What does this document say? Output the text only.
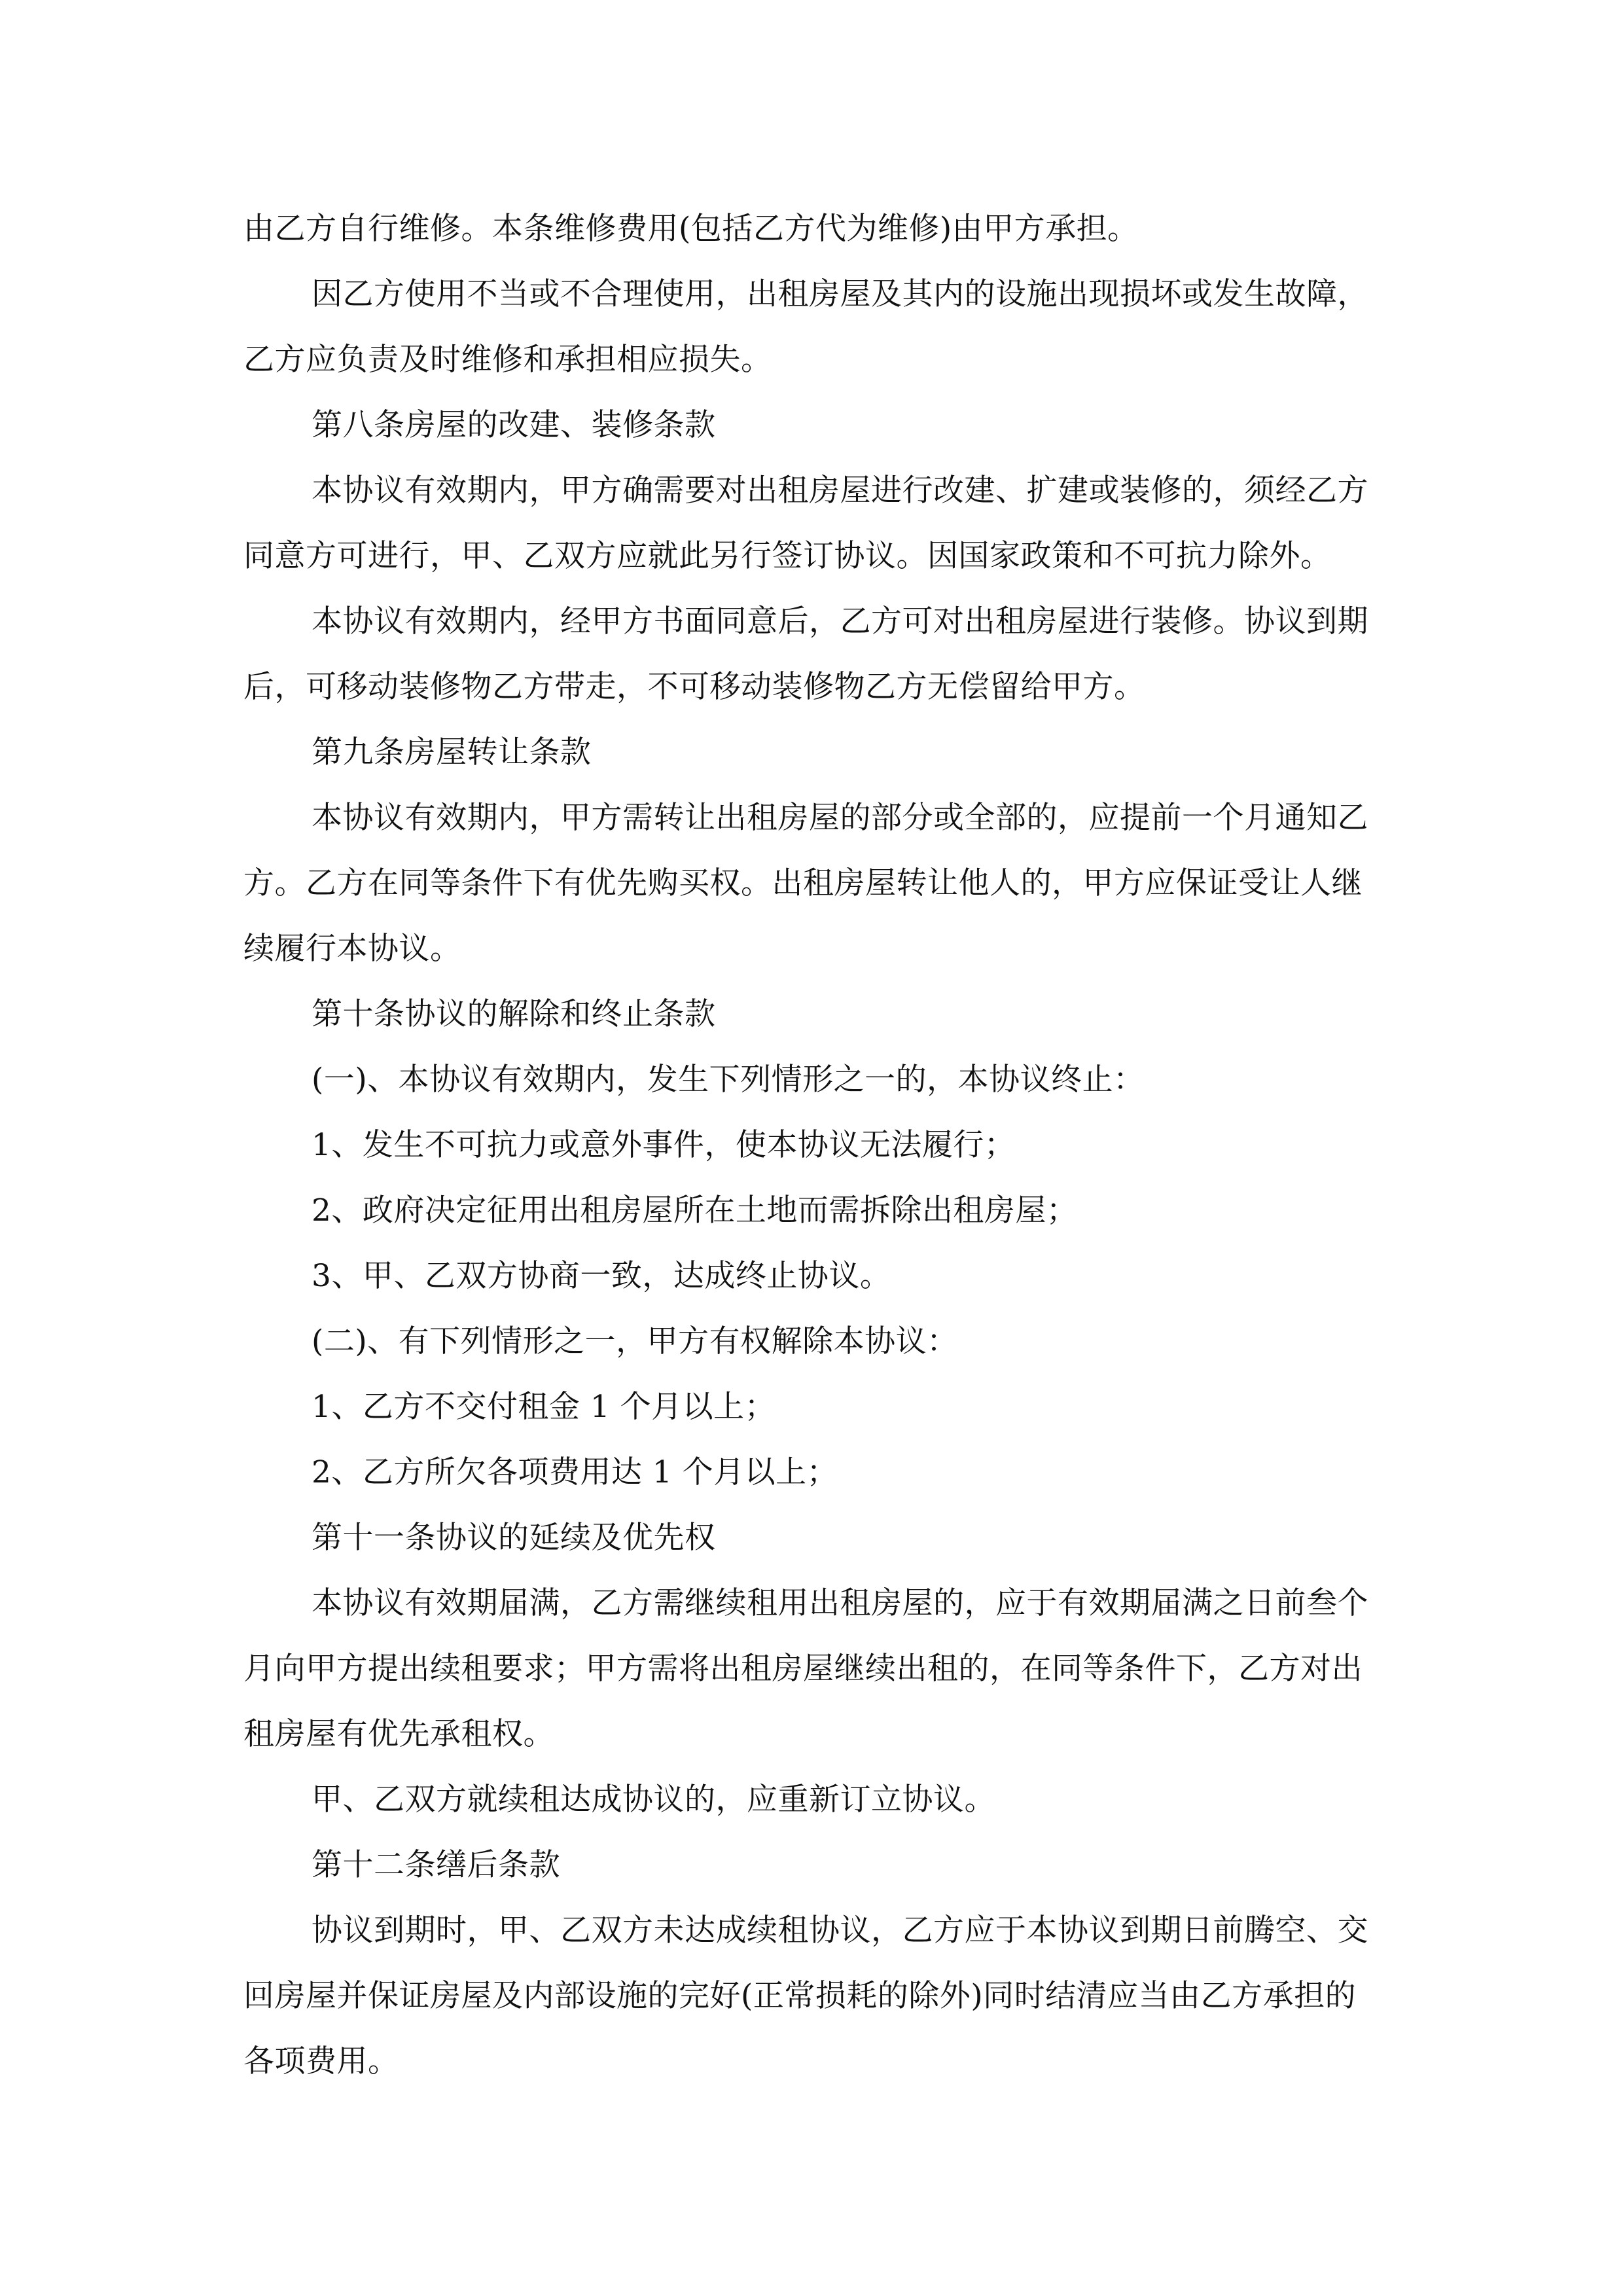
由乙方自行维修。本条维修费用(包括乙方代为维修)由甲方承担。

因乙方使用不当或不合理使用，出租房屋及其内的设施出现损坏或发生故障，乙方应负责及时维修和承担相应损失。

第八条房屋的改建、装修条款

本协议有效期内，甲方确需要对出租房屋进行改建、扩建或装修的，须经乙方同意方可进行，甲、乙双方应就此另行签订协议。因国家政策和不可抗力除外。

本协议有效期内，经甲方书面同意后，乙方可对出租房屋进行装修。协议到期后，可移动装修物乙方带走，不可移动装修物乙方无偿留给甲方。

第九条房屋转让条款

本协议有效期内，甲方需转让出租房屋的部分或全部的，应提前一个月通知乙方。乙方在同等条件下有优先购买权。出租房屋转让他人的，甲方应保证受让人继续履行本协议。

第十条协议的解除和终止条款

(一)、本协议有效期内，发生下列情形之一的，本协议终止：

1、发生不可抗力或意外事件，使本协议无法履行；

2、政府决定征用出租房屋所在土地而需拆除出租房屋；

3、甲、乙双方协商一致，达成终止协议。

(二)、有下列情形之一，甲方有权解除本协议：

1、乙方不交付租金 1 个月以上；

2、乙方所欠各项费用达 1 个月以上；

第十一条协议的延续及优先权

本协议有效期届满，乙方需继续租用出租房屋的，应于有效期届满之日前叁个月向甲方提出续租要求；甲方需将出租房屋继续出租的，在同等条件下，乙方对出租房屋有优先承租权。

甲、乙双方就续租达成协议的，应重新订立协议。

第十二条缮后条款

协议到期时，甲、乙双方未达成续租协议，乙方应于本协议到期日前腾空、交回房屋并保证房屋及内部设施的完好(正常损耗的除外)同时结清应当由乙方承担的各项费用。
